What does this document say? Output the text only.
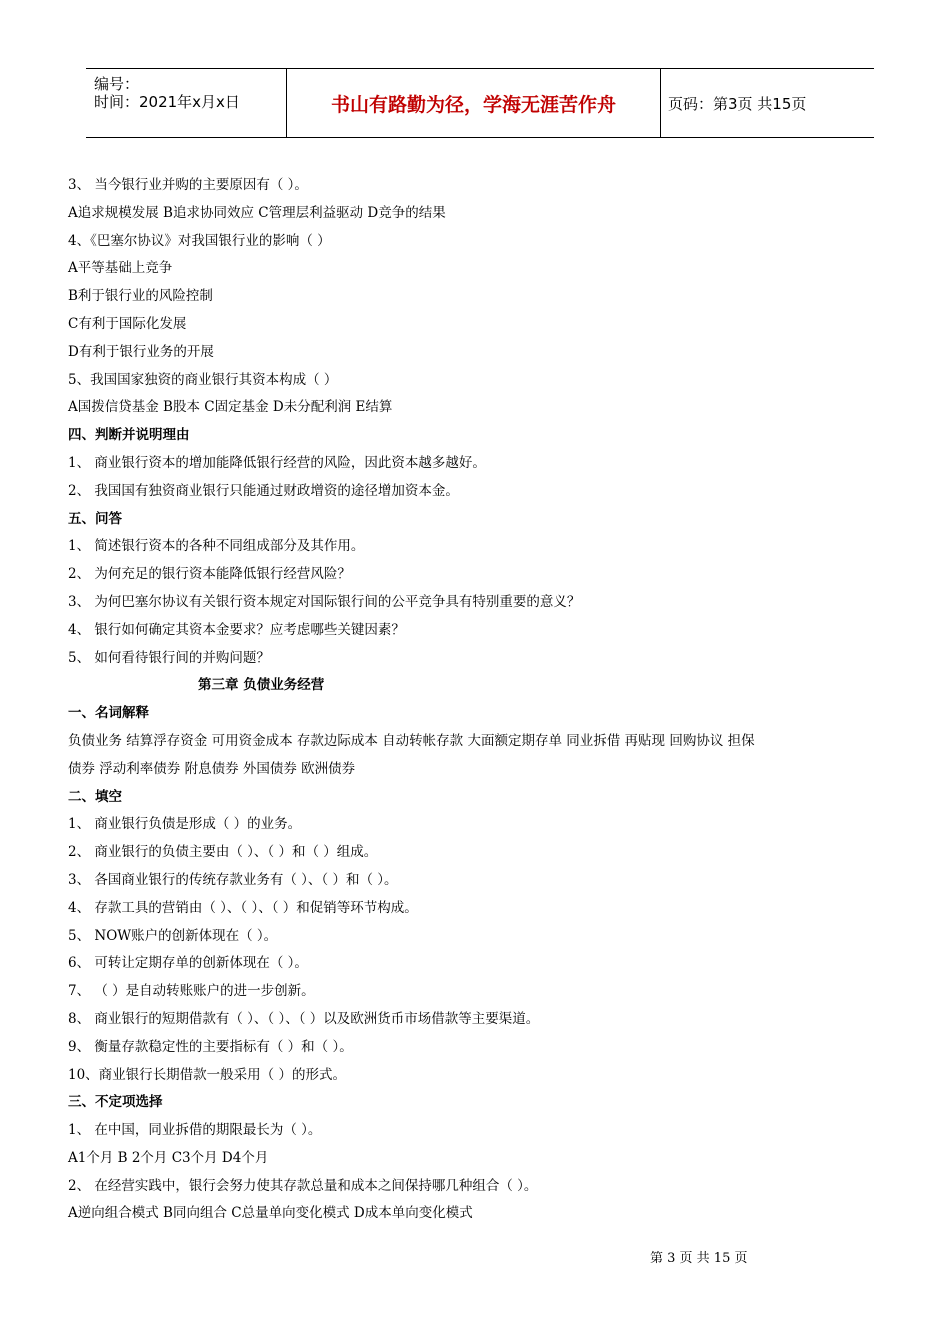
编号：
时间：2021年x月x日	书山有路勤为径，学海无涯苦作舟	页码：第3页 共15页
3、 当今银行业并购的主要原因有（ ）。
A追求规模发展 B追求协同效应 C管理层利益驱动 D竞争的结果
4、《巴塞尔协议》对我国银行业的影响（ ）
A平等基础上竞争
B利于银行业的风险控制
C有利于国际化发展
D有利于银行业务的开展
5、我国国家独资的商业银行其资本构成（ ）
A国拨信贷基金 B股本 C固定基金 D未分配利润 E结算
四、判断并说明理由
1、 商业银行资本的增加能降低银行经营的风险，因此资本越多越好。
2、 我国国有独资商业银行只能通过财政增资的途径增加资本金。
五、问答
1、 简述银行资本的各种不同组成部分及其作用。
2、 为何充足的银行资本能降低银行经营风险？
3、 为何巴塞尔协议有关银行资本规定对国际银行间的公平竞争具有特别重要的意义？
4、 银行如何确定其资本金要求？应考虑哪些关键因素？
5、 如何看待银行间的并购问题？
第三章 负债业务经营
一、名词解释
负债业务 结算浮存资金 可用资金成本 存款边际成本 自动转帐存款 大面额定期存单 同业拆借 再贴现 回购协议 担保
债券 浮动利率债券 附息债券 外国债券 欧洲债券
二、填空
1、 商业银行负债是形成（ ）的业务。
2、 商业银行的负债主要由（ ）、（ ）和（ ）组成。
3、 各国商业银行的传统存款业务有（ ）、（ ）和（ ）。
4、 存款工具的营销由（ ）、（ ）、（ ）和促销等环节构成。
5、 NOW账户的创新体现在（ ）。
6、 可转让定期存单的创新体现在（ ）。
7、 （ ）是自动转账账户的进一步创新。
8、 商业银行的短期借款有（ ）、（ ）、（ ）以及欧洲货币市场借款等主要渠道。
9、 衡量存款稳定性的主要指标有（ ）和（ ）。
10、商业银行长期借款一般采用（ ）的形式。
三、不定项选择
1、 在中国，同业拆借的期限最长为（ ）。
A1个月 B 2个月 C3个月 D4个月
2、 在经营实践中，银行会努力使其存款总量和成本之间保持哪几种组合（ ）。
A逆向组合模式 B同向组合 C总量单向变化模式 D成本单向变化模式
第 3 页 共 15 页
